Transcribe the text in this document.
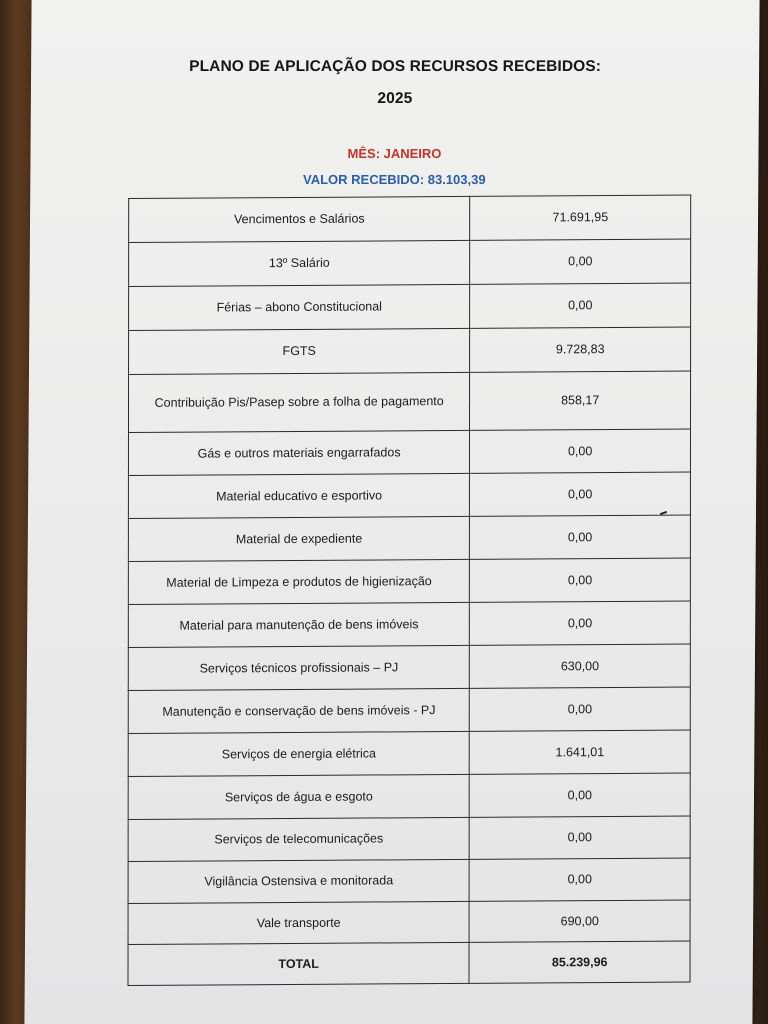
PLANO DE APLICAÇÃO DOS RECURSOS RECEBIDOS:
2025
MÊS: JANEIRO
VALOR RECEBIDO: 83.103,39
Vencimentos e Salários	71.691,95
13º Salário	0,00
Férias – abono Constitucional	0,00
FGTS	9.728,83
Contribuição Pis/Pasep sobre a folha de pagamento	858,17
Gás e outros materiais engarrafados	0,00
Material educativo e esportivo	0,00
Material de expediente	0,00
Material de Limpeza e produtos de higienização	0,00
Material para manutenção de bens imóveis	0,00
Serviços técnicos profissionais – PJ	630,00
Manutenção e conservação de bens imóveis - PJ	0,00
Serviços de energia elétrica	1.641,01
Serviços de água e esgoto	0,00
Serviços de telecomunicações	0,00
Vigilância Ostensiva e monitorada	0,00
Vale transporte	690,00
TOTAL	85.239,96
